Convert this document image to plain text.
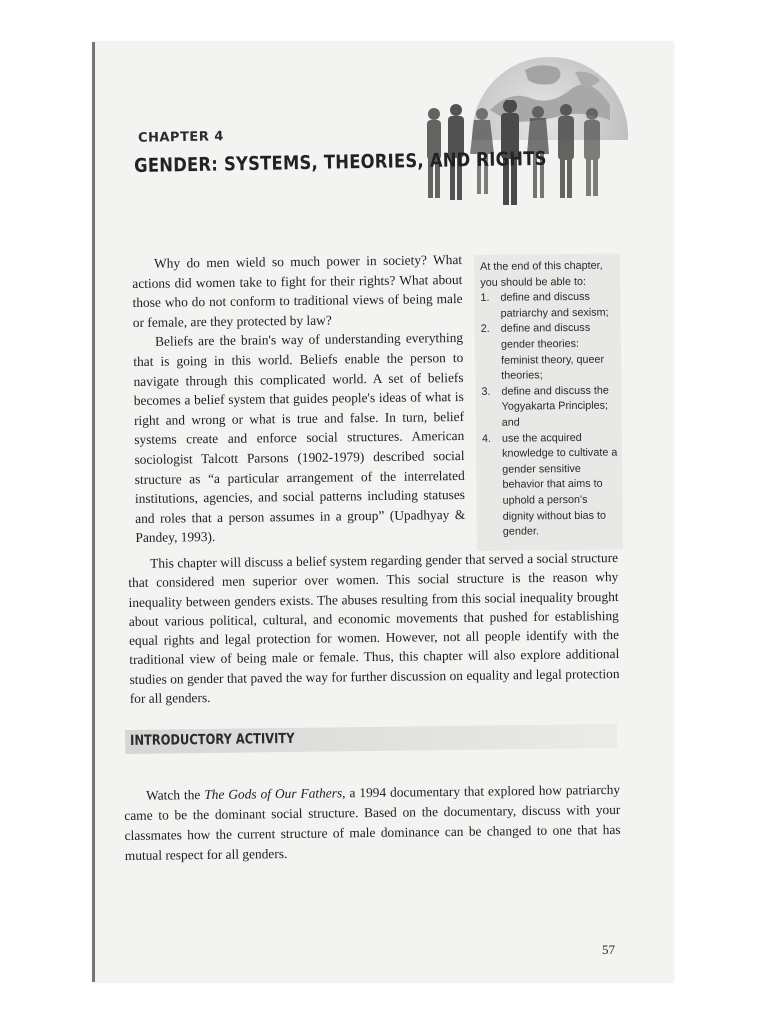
CHAPTER 4
GENDER: SYSTEMS, THEORIES, AND RIGHTS

Why do men wield so much power in society? What actions did women take to fight for their rights? What about those who do not conform to traditional views of being male or female, are they protected by law?

Beliefs are the brain's way of understanding everything that is going in this world. Beliefs enable the person to navigate through this complicated world. A set of beliefs becomes a belief system that guides people's ideas of what is right and wrong or what is true and false. In turn, belief systems create and enforce social structures. American sociologist Talcott Parsons (1902-1979) described social structure as “a particular arrangement of the interrelated institutions, agencies, and social patterns including statuses and roles that a person assumes in a group” (Upadhyay & Pandey, 1993).

At the end of this chapter, you should be able to:
1.	define and discuss patriarchy and sexism;
2.	define and discuss gender theories: feminist theory, queer theories;
3.	define and discuss the Yogyakarta Principles; and
4.	use the acquired knowledge to cultivate a gender sensitive behavior that aims to uphold a person's dignity without bias to gender.

This chapter will discuss a belief system regarding gender that served a social structure that considered men superior over women. This social structure is the reason why inequality between genders exists. The abuses resulting from this social inequality brought about various political, cultural, and economic movements that pushed for establishing equal rights and legal protection for women. However, not all people identify with the traditional view of being male or female. Thus, this chapter will also explore additional studies on gender that paved the way for further discussion on equality and legal protection for all genders.

INTRODUCTORY ACTIVITY

Watch the The Gods of Our Fathers, a 1994 documentary that explored how patriarchy came to be the dominant social structure. Based on the documentary, discuss with your classmates how the current structure of male dominance can be changed to one that has mutual respect for all genders.

57
